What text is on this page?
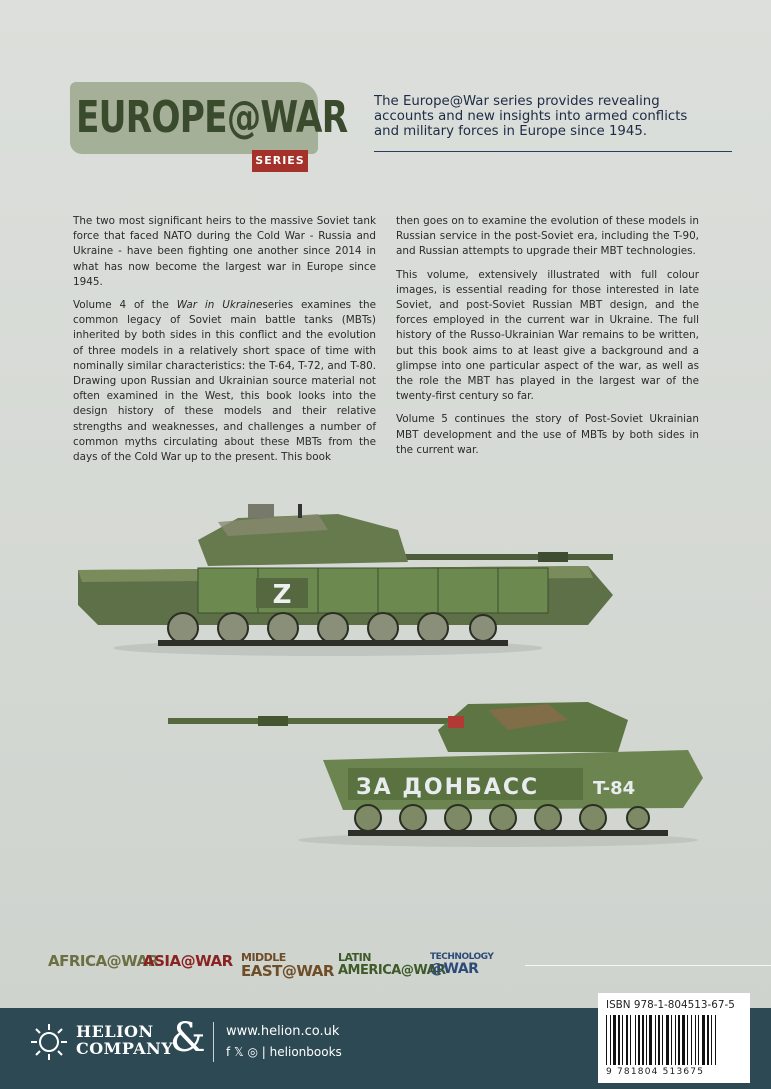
EUROPE@WAR
SERIES
The Europe@War series provides revealing accounts and new insights into armed conflicts and military forces in Europe since 1945.

The two most significant heirs to the massive Soviet tank force that faced NATO during the Cold War - Russia and Ukraine - have been fighting one another since 2014 in what has now become the largest war in Europe since 1945.

Volume 4 of the War in Ukraineseries examines the common legacy of Soviet main battle tanks (MBTs) inherited by both sides in this conflict and the evolution of three models in a relatively short space of time with nominally similar characteristics: the T-64, T-72, and T-80. Drawing upon Russian and Ukrainian source material not often examined in the West, this book looks into the design history of these models and their relative strengths and weaknesses, and challenges a number of common myths circulating about these MBTs from the days of the Cold War up to the present. This book

then goes on to examine the evolution of these models in Russian service in the post-Soviet era, including the T-90, and Russian attempts to upgrade their MBT technologies.

This volume, extensively illustrated with full colour images, is essential reading for those interested in late Soviet, and post-Soviet Russian MBT design, and the forces employed in the current war in Ukraine. The full history of the Russo-Ukrainian War remains to be written, but this book aims to at least give a background and a glimpse into one particular aspect of the war, as well as the role the MBT has played in the largest war of the twenty-first century so far.

Volume 5 continues the story of Post-Soviet Ukrainian MBT development and the use of MBTs by both sides in the current war.

Z
ЗА ДОНБАСС	T-84
AFRICA@WAR
ASIA@WAR MIDDLE
EAST@WAR
LATIN
AMERICA@WAR
TECHNOLOGY
@WAR
HELION
COMPANY
& www.helion.co.uk
f 𝕏 ◎ | helionbooks
ISBN 978-1-804513-67-5
9 781804 513675
